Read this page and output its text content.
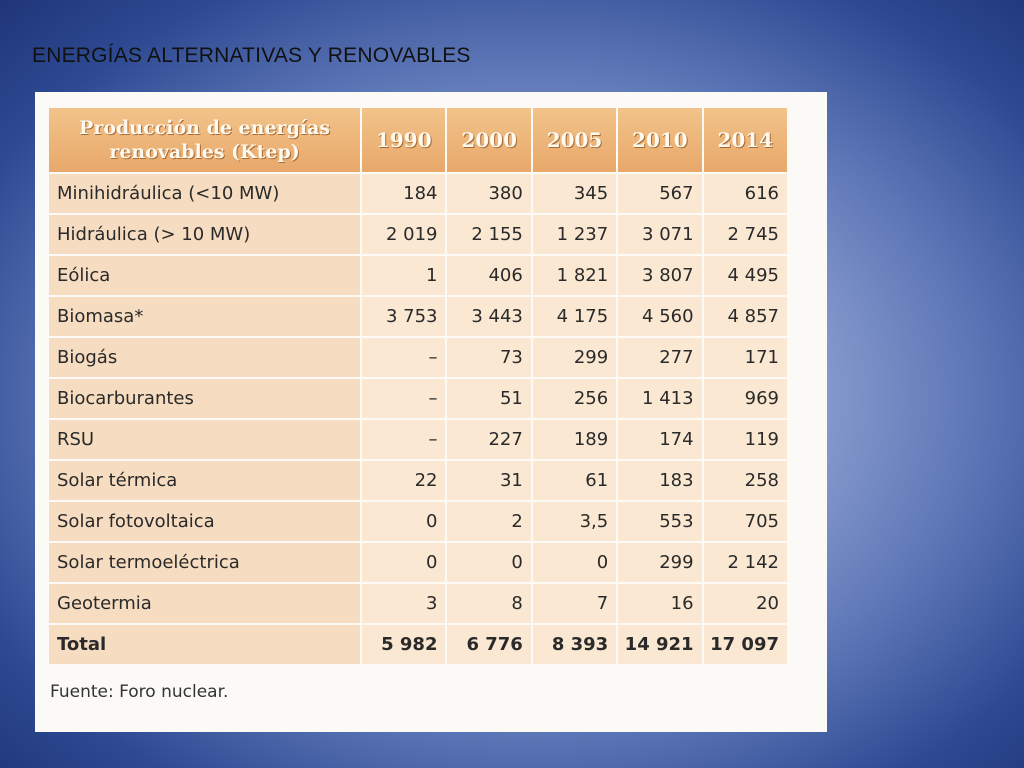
ENERGÍAS ALTERNATIVAS Y RENOVABLES
Producción de energías renovables (Ktep)	1990	2000	2005	2010	2014
Minihidráulica (<10 MW)	184	380	345	567	616
Hidráulica (> 10 MW)	2 019	2 155	1 237	3 071	2 745
Eólica	1	406	1 821	3 807	4 495
Biomasa*	3 753	3 443	4 175	4 560	4 857
Biogás	–	73	299	277	171
Biocarburantes	–	51	256	1 413	969
RSU	–	227	189	174	119
Solar térmica	22	31	61	183	258
Solar fotovoltaica	0	2	3,5	553	705
Solar termoeléctrica	0	0	0	299	2 142
Geotermia	3	8	7	16	20
Total	5 982	6 776	8 393	14 921	17 097
Fuente: Foro nuclear.
